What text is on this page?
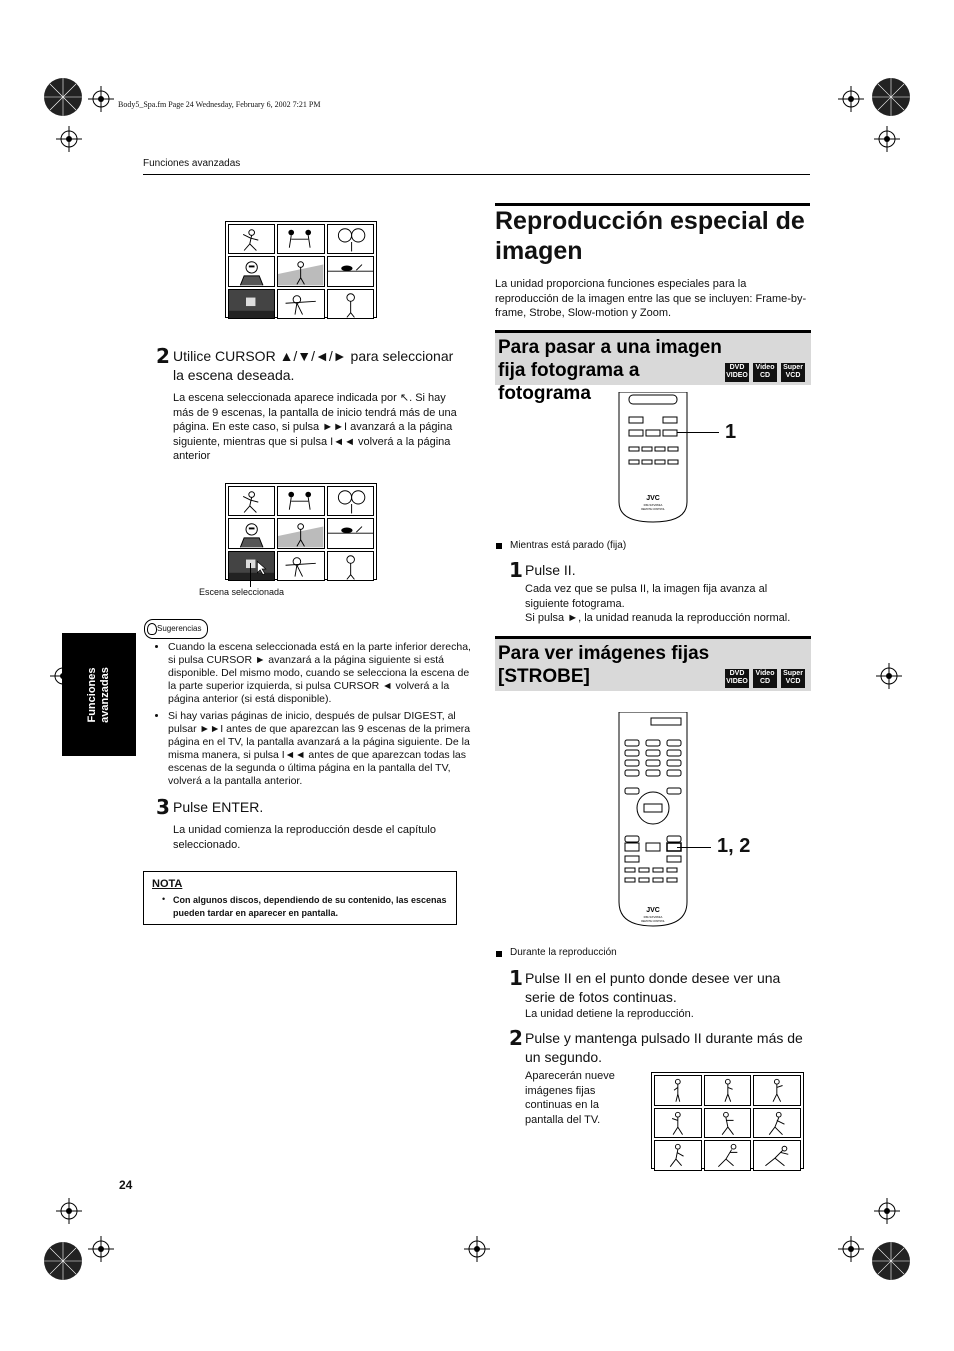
Body5_Spa.fm Page 24 Wednesday, February 6, 2002 7:21 PM
Funciones avanzadas
Funciones avanzadas
2 Utilice CURSOR ▲/▼/◄/► para seleccionar la escena deseada.
La escena seleccionada aparece indicada por ↖. Si hay más de 9 escenas, la pantalla de inicio tendrá más de una página. En este caso, si pulsa ►►I avanzará a la página siguiente, mientras que si pulsa I◄◄ volverá a la página anterior
Escena seleccionada
Sugerencias
• Cuando la escena seleccionada está en la parte inferior derecha, si pulsa CURSOR ► avanzará a la página siguiente si está disponible. Del mismo modo, cuando se selecciona la escena de la parte superior izquierda, si pulsa CURSOR ◄ volverá a la página anterior (si está disponible).
• Si hay varias páginas de inicio, después de pulsar DIGEST, al pulsar ►►I antes de que aparezcan las 9 escenas de la primera página en el TV, la pantalla avanzará a la página siguiente. De la misma manera, si pulsa I◄◄ antes de que aparezcan todas las escenas de la segunda o última página en la pantalla del TV, volverá a la pantalla anterior.
3 Pulse ENTER.
La unidad comienza la reproducción desde el capítulo seleccionado.
NOTA
• Con algunos discos, dependiendo de su contenido, las escenas pueden tardar en aparecer en pantalla.
24
Reproducción especial de imagen
La unidad proporciona funciones especiales para la reproducción de la imagen entre las que se incluyen: Frame-by-frame, Strobe, Slow-motion y Zoom.
Para pasar a una imagen fija fotograma a fotograma
DVD VIDEO
Video CD
Super VCD
JVC
RM-SXV063A
REMOTE CONTROL
1
Mientras está parado (fija)
1 Pulse II.
Cada vez que se pulsa II, la imagen fija avanza al siguiente fotograma.
Si pulsa ►, la unidad reanuda la reproducción normal.
Para ver imágenes fijas [STROBE]	DVD VIDEO
Video CD
Super VCD
JVC
RM-SXV063A
REMOTE CONTROL
1, 2
Durante la reproducción
1 Pulse II en el punto donde desee ver una serie de fotos continuas.
La unidad detiene la reproducción.
2 Pulse y mantenga pulsado II durante más de un segundo.
Aparecerán nueve imágenes fijas continuas en la pantalla del TV.
